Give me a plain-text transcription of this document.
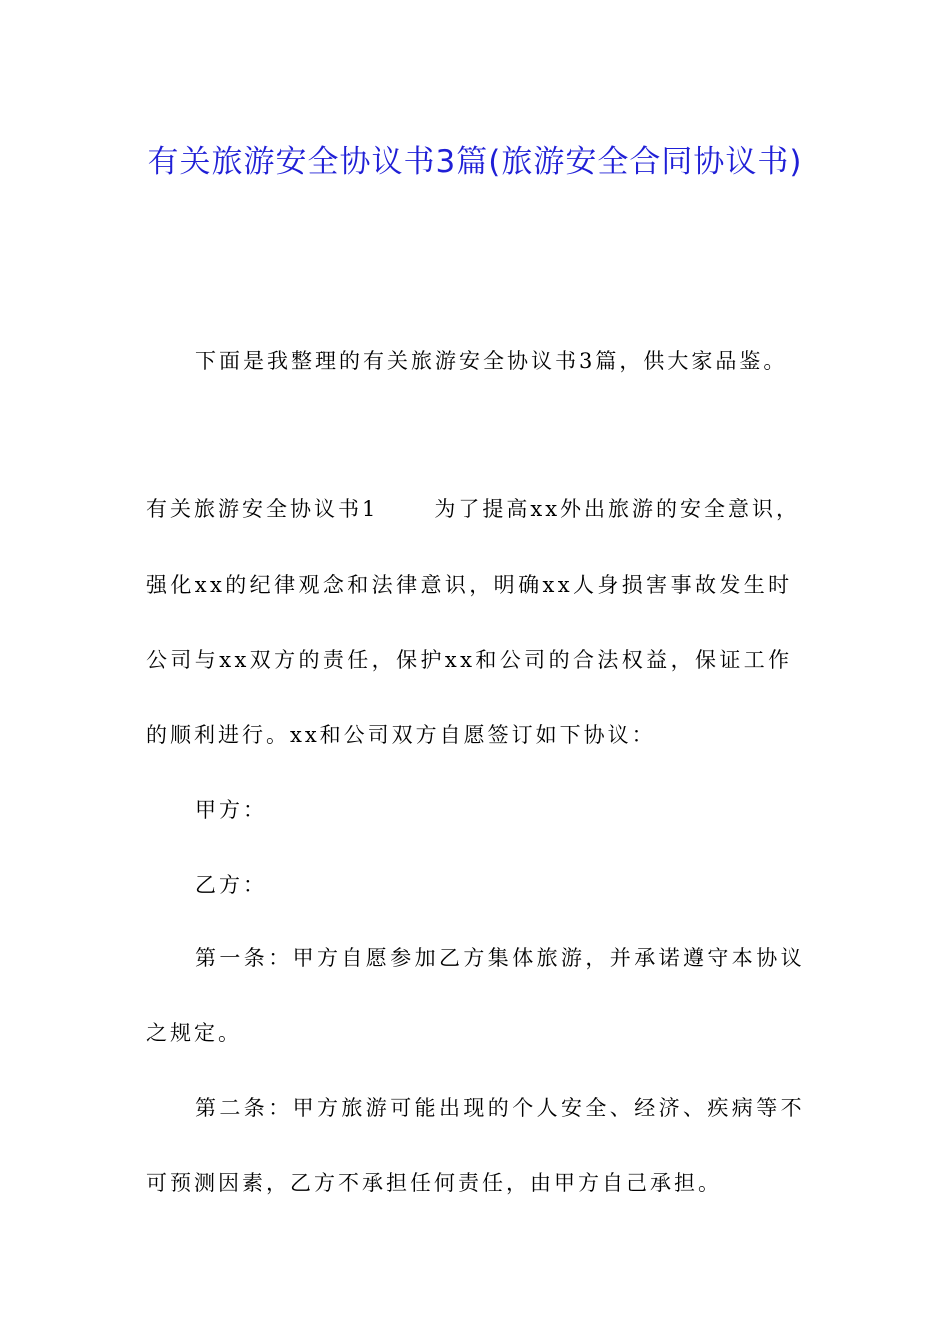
有关旅游安全协议书3篇(旅游安全合同协议书)
下面是我整理的有关旅游安全协议书3篇，供大家品鉴。
有关旅游安全协议书1	为了提高xx外出旅游的安全意识，
强化xx的纪律观念和法律意识，明确xx人身损害事故发生时
公司与xx双方的责任，保护xx和公司的合法权益，保证工作
的顺利进行。xx和公司双方自愿签订如下协议：
甲方：
乙方：
第一条：甲方自愿参加乙方集体旅游，并承诺遵守本协议
之规定。
第二条：甲方旅游可能出现的个人安全、经济、疾病等不
可预测因素，乙方不承担任何责任，由甲方自己承担。
